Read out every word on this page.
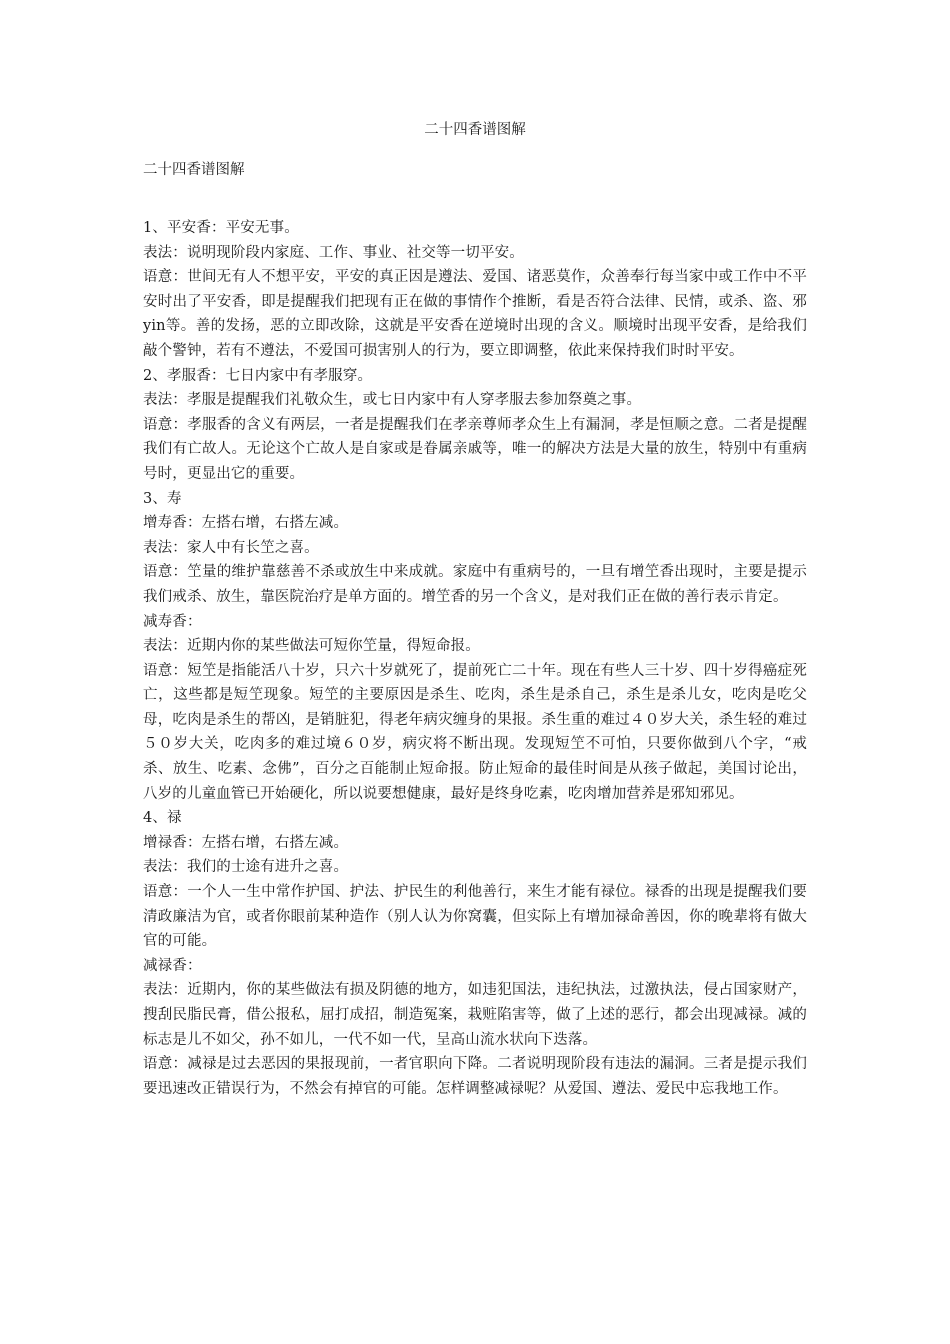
二十四香谱图解
二十四香谱图解

1、平安香：平安无事。

表法：说明现阶段内家庭、工作、事业、社交等一切平安。

语意：世间无有人不想平安，平安的真正因是遵法、爱国、诸恶莫作，众善奉行每当家中或工作中不平安时出了平安香，即是提醒我们把现有正在做的事情作个推断，看是否符合法律、民情，或杀、盗、邪yin等。善的发扬，恶的立即改除，这就是平安香在逆境时出现的含义。顺境时出现平安香，是给我们敲个警钟，若有不遵法，不爱国可损害别人的行为，要立即调整，依此来保持我们时时平安。

2、孝服香：七日内家中有孝服穿。

表法：孝服是提醒我们礼敬众生，或七日内家中有人穿孝服去参加祭奠之事。

语意：孝服香的含义有两层，一者是提醒我们在孝亲尊师孝众生上有漏洞，孝是恒顺之意。二者是提醒我们有亡故人。无论这个亡故人是自家或是眷属亲戚等，唯一的解决方法是大量的放生，特别中有重病号时，更显出它的重要。

3、寿

增寿香：左搭右增，右搭左减。

表法：家人中有长笁之喜。

语意：笁量的维护靠慈善不杀或放生中来成就。家庭中有重病号的，一旦有增笁香出现时，主要是提示我们戒杀、放生，靠医院治疗是单方面的。增笁香的另一个含义，是对我们正在做的善行表示肯定。

减寿香：

表法：近期内你的某些做法可短你笁量，得短命报。

语意：短笁是指能活八十岁，只六十岁就死了，提前死亡二十年。现在有些人三十岁、四十岁得癌症死亡，这些都是短笁现象。短笁的主要原因是杀生、吃肉，杀生是杀自己，杀生是杀儿女，吃肉是吃父母，吃肉是杀生的帮凶，是销脏犯，得老年病灾缠身的果报。杀生重的难过４０岁大关，杀生轻的难过５０岁大关，吃肉多的难过境６０岁，病灾将不断出现。发现短笁不可怕，只要你做到八个字，“戒杀、放生、吃素、念佛”，百分之百能制止短命报。防止短命的最佳时间是从孩子做起，美国讨论出，八岁的儿童血管已开始硬化，所以说要想健康，最好是终身吃素，吃肉增加营养是邪知邪见。

4、禄

增禄香：左搭右增，右搭左减。

表法：我们的士途有进升之喜。

语意：一个人一生中常作护国、护法、护民生的利他善行，来生才能有禄位。禄香的出现是提醒我们要清政廉洁为官，或者你眼前某种造作（别人认为你窝囊，但实际上有增加禄命善因，你的晚辈将有做大官的可能。

减禄香：

表法：近期内，你的某些做法有损及阴德的地方，如违犯国法，违纪执法，过激执法，侵占国家财产，搜刮民脂民膏，借公报私，屈打成招，制造冤案，栽赃陷害等，做了上述的恶行，都会出现减禄。减的标志是儿不如父，孙不如儿，一代不如一代，呈高山流水状向下迭落。

语意：减禄是过去恶因的果报现前，一者官职向下降。二者说明现阶段有违法的漏洞。三者是提示我们要迅速改正错误行为，不然会有掉官的可能。怎样调整减禄呢？从爱国、遵法、爱民中忘我地工作。
